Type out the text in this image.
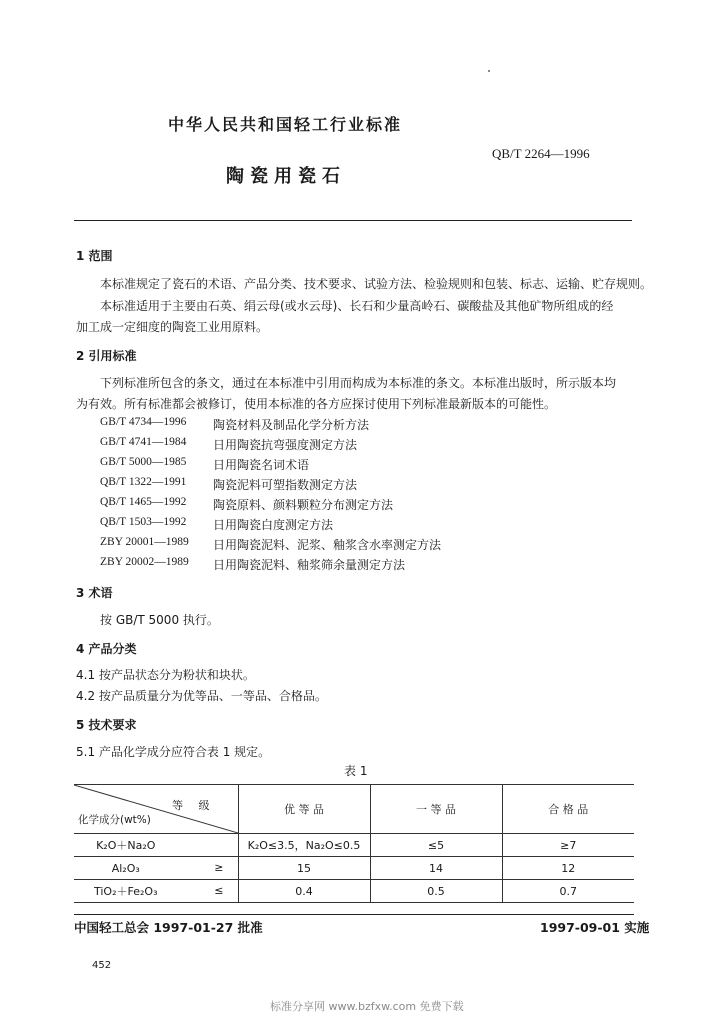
中华人民共和国轻工行业标准
QB/T 2264—1996
陶瓷用瓷石
1 范围
本标准规定了瓷石的术语、产品分类、技术要求、试验方法、检验规则和包装、标志、运输、贮存规则。
本标准适用于主要由石英、绢云母(或水云母)、长石和少量高岭石、碳酸盐及其他矿物所组成的经
加工成一定细度的陶瓷工业用原料。
2 引用标准
下列标准所包含的条文，通过在本标准中引用而构成为本标准的条文。本标准出版时，所示版本均
为有效。所有标准都会被修订，使用本标准的各方应探讨使用下列标准最新版本的可能性。
GB/T 4734—1996 陶瓷材料及制品化学分析方法
GB/T 4741—1984 日用陶瓷抗弯强度测定方法
GB/T 5000—1985 日用陶瓷名词术语
QB/T 1322—1991 陶瓷泥料可塑指数测定方法
QB/T 1465—1992 陶瓷原料、颜料颗粒分布测定方法
QB/T 1503—1992 日用陶瓷白度测定方法
ZBY 20001—1989 日用陶瓷泥料、泥浆、釉浆含水率测定方法
ZBY 20002—1989 日用陶瓷泥料、釉浆筛余量测定方法
3 术语
按 GB/T 5000 执行。
4 产品分类
4.1 按产品状态分为粉状和块状。
4.2 按产品质量分为优等品、一等品、合格品。
5 技术要求
5.1 产品化学成分应符合表 1 规定。
表 1
等 级
化学成分(wt%)	优 等 品	一 等 品	合 格 品
K₂O＋Na₂O	K₂O≤3.5，Na₂O≤0.5	≤5	≥7
Al₂O₃ ≥	15	14	12
TiO₂＋Fe₂O₃ ≤	0.4	0.5	0.7
中国轻工总会 1997-01-27 批准	1997-09-01 实施
452
标准分享网 www.bzfxw.com 免费下载
